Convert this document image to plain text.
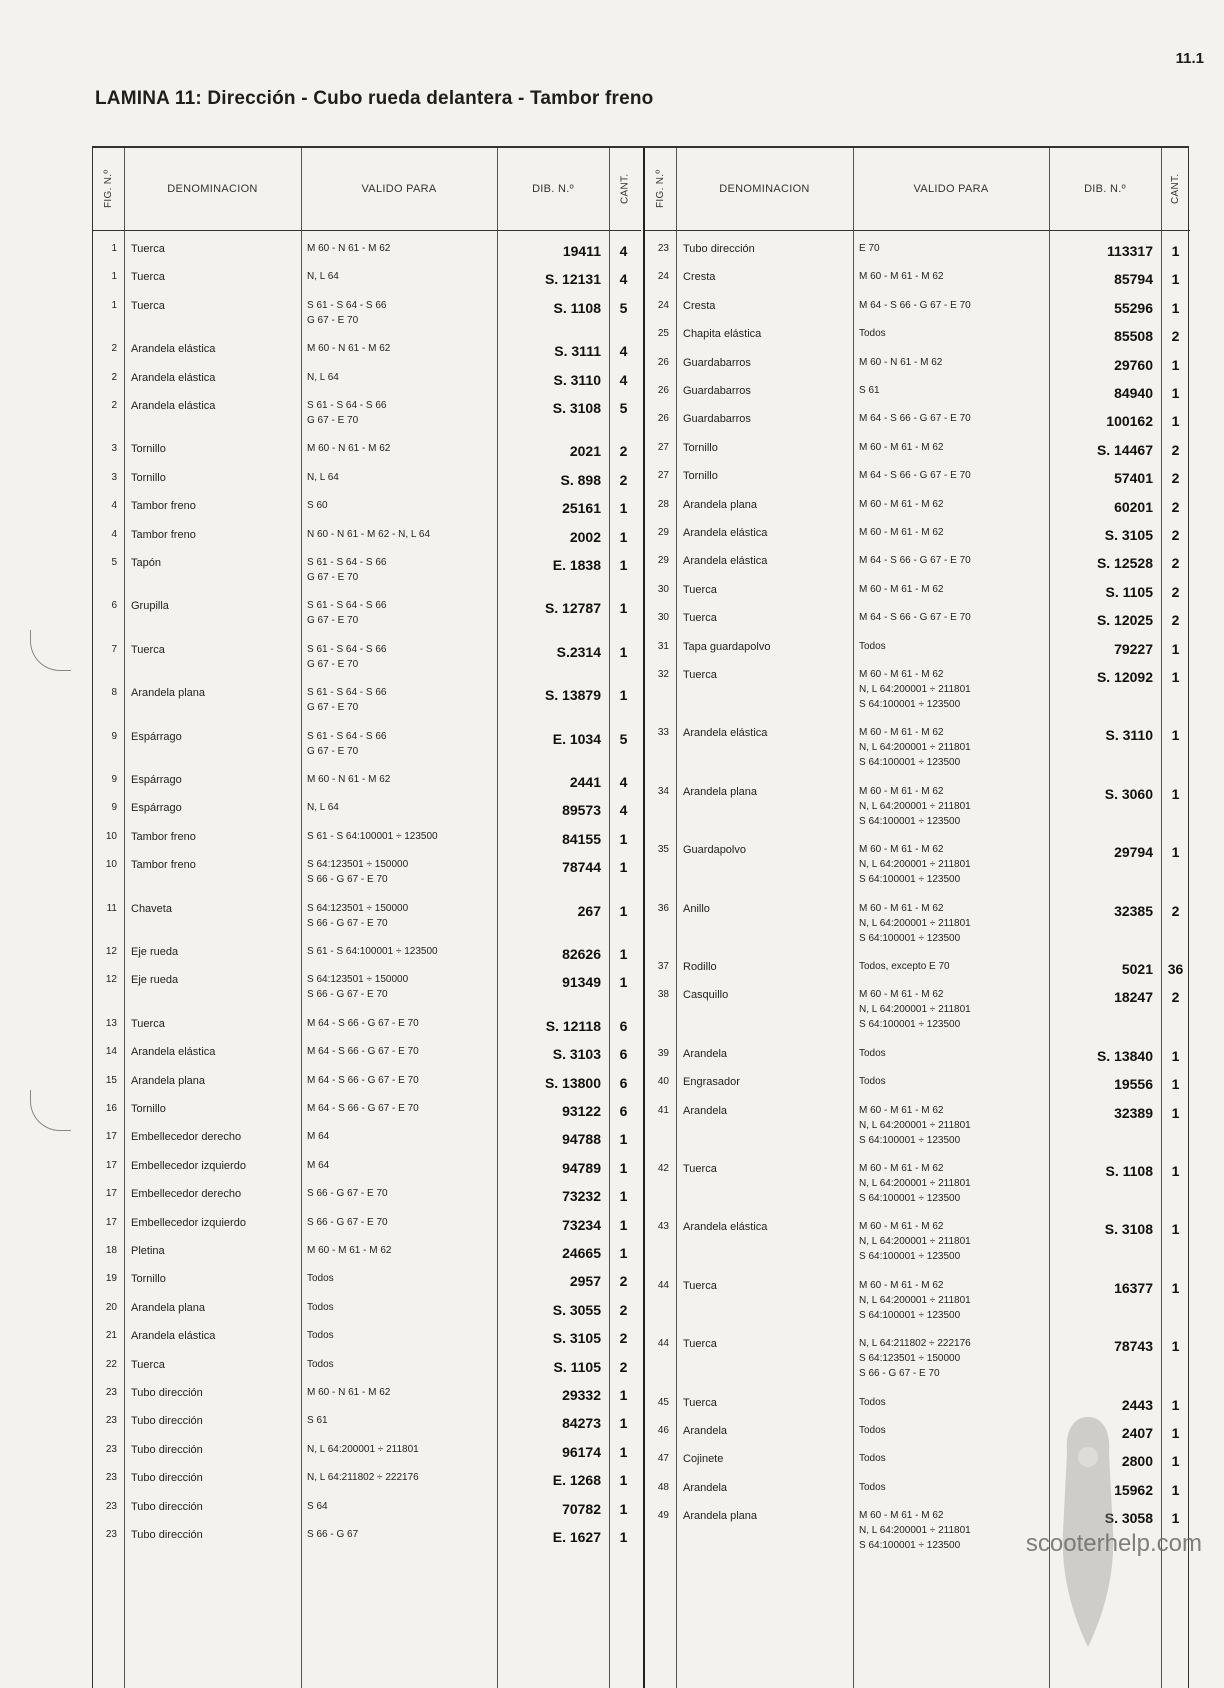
11.1
LAMINA 11: Dirección - Cubo rueda delantera - Tambor freno
FIG. N.º	DENOMINACION	VALIDO PARA	DIB. N.º	CANT.
1 Tuerca	M 60 - N 61 - M 62	19411	4
1 Tuerca	N, L 64	S. 12131	4
1 Tuerca	S 61 - S 64 - S 66
G 67 - E 70
S. 1108	5
2 Arandela elástica	M 60 - N 61 - M 62	S. 3111	4
2 Arandela elástica	N, L 64	S. 3110	4
2 Arandela elástica	S 61 - S 64 - S 66
G 67 - E 70
S. 3108	5
3 Tornillo	M 60 - N 61 - M 62	2021	2
3 Tornillo	N, L 64	S. 898	2
4 Tambor freno	S 60	25161	1
4 Tambor freno	N 60 - N 61 - M 62 - N, L 64	2002	1
5 Tapón	S 61 - S 64 - S 66
G 67 - E 70
E. 1838	1
6 Grupilla	S 61 - S 64 - S 66
G 67 - E 70
S. 12787	1
7 Tuerca	S 61 - S 64 - S 66
G 67 - E 70
S.2314	1
8 Arandela plana	S 61 - S 64 - S 66
G 67 - E 70
S. 13879	1
9 Espárrago	S 61 - S 64 - S 66
G 67 - E 70
E. 1034	5
9 Espárrago	M 60 - N 61 - M 62	2441	4
9 Espárrago	N, L 64	89573	4
10 Tambor freno	S 61 - S 64:100001 ÷ 123500	84155	1
10 Tambor freno	S 64:123501 ÷ 150000
S 66 - G 67 - E 70
78744	1
11 Chaveta	S 64:123501 ÷ 150000
S 66 - G 67 - E 70
267	1
12 Eje rueda	S 61 - S 64:100001 ÷ 123500	82626	1
12 Eje rueda	S 64:123501 ÷ 150000
S 66 - G 67 - E 70
91349	1
13 Tuerca	M 64 - S 66 - G 67 - E 70	S. 12118	6
14 Arandela elástica	M 64 - S 66 - G 67 - E 70	S. 3103	6
15 Arandela plana	M 64 - S 66 - G 67 - E 70	S. 13800	6
16 Tornillo	M 64 - S 66 - G 67 - E 70	93122	6
17 Embellecedor derecho	M 64	94788	1
17 Embellecedor izquierdo	M 64	94789	1
17 Embellecedor derecho	S 66 - G 67 - E 70	73232	1
17 Embellecedor izquierdo	S 66 - G 67 - E 70	73234	1
18 Pletina	M 60 - M 61 - M 62	24665	1
19 Tornillo	Todos	2957	2
20 Arandela plana	Todos	S. 3055	2
21 Arandela elástica	Todos	S. 3105	2
22 Tuerca	Todos	S. 1105	2
23 Tubo dirección	M 60 - N 61 - M 62	29332	1
23 Tubo dirección	S 61	84273	1
23 Tubo dirección	N, L 64:200001 ÷ 211801	96174	1
23 Tubo dirección	N, L 64:211802 ÷ 222176	E. 1268	1
23 Tubo dirección	S 64	70782	1
23 Tubo dirección	S 66 - G 67	E. 1627	1
FIG. N.º	DENOMINACION	VALIDO PARA	DIB. N.º	CANT.
23 Tubo dirección	E 70	113317	1
24 Cresta	M 60 - M 61 - M 62	85794	1
24 Cresta	M 64 - S 66 - G 67 - E 70	55296	1
25 Chapita elástica	Todos	85508	2
26 Guardabarros	M 60 - N 61 - M 62	29760	1
26 Guardabarros	S 61	84940	1
26 Guardabarros	M 64 - S 66 - G 67 - E 70	100162	1
27 Tornillo	M 60 - M 61 - M 62	S. 14467	2
27 Tornillo	M 64 - S 66 - G 67 - E 70	57401	2
28 Arandela plana	M 60 - M 61 - M 62	60201	2
29 Arandela elástica	M 60 - M 61 - M 62	S. 3105	2
29 Arandela elástica	M 64 - S 66 - G 67 - E 70	S. 12528	2
30 Tuerca	M 60 - M 61 - M 62	S. 1105	2
30 Tuerca	M 64 - S 66 - G 67 - E 70	S. 12025	2
31 Tapa guardapolvo	Todos	79227	1
32 Tuerca	M 60 - M 61 - M 62
N, L 64:200001 ÷ 211801
S 64:100001 ÷ 123500
S. 12092	1
33 Arandela elástica	M 60 - M 61 - M 62
N, L 64:200001 ÷ 211801
S 64:100001 ÷ 123500
S. 3110	1
34 Arandela plana	M 60 - M 61 - M 62
N, L 64:200001 ÷ 211801
S 64:100001 ÷ 123500
S. 3060	1
35 Guardapolvo	M 60 - M 61 - M 62
N, L 64:200001 ÷ 211801
S 64:100001 ÷ 123500
29794	1
36 Anillo	M 60 - M 61 - M 62
N, L 64:200001 ÷ 211801
S 64:100001 ÷ 123500
32385	2
37 Rodillo	Todos, excepto E 70	5021	36
38 Casquillo	M 60 - M 61 - M 62
N, L 64:200001 ÷ 211801
S 64:100001 ÷ 123500
18247	2
39 Arandela	Todos	S. 13840	1
40 Engrasador	Todos	19556	1
41 Arandela	M 60 - M 61 - M 62
N, L 64:200001 ÷ 211801
S 64:100001 ÷ 123500
32389	1
42 Tuerca	M 60 - M 61 - M 62
N, L 64:200001 ÷ 211801
S 64:100001 ÷ 123500
S. 1108	1
43 Arandela elástica	M 60 - M 61 - M 62
N, L 64:200001 ÷ 211801
S 64:100001 ÷ 123500
S. 3108	1
44 Tuerca	M 60 - M 61 - M 62
N, L 64:200001 ÷ 211801
S 64:100001 ÷ 123500
16377	1
44 Tuerca	N, L 64:211802 ÷ 222176
S 64:123501 ÷ 150000
S 66 - G 67 - E 70
78743	1
45 Tuerca	Todos	2443	1
46 Arandela	Todos	2407	1
47 Cojinete	Todos	2800	1
48 Arandela	Todos	15962	1
49 Arandela plana	M 60 - M 61 - M 62
N, L 64:200001 ÷ 211801
S 64:100001 ÷ 123500
S. 3058	1
scooterhelp.com
